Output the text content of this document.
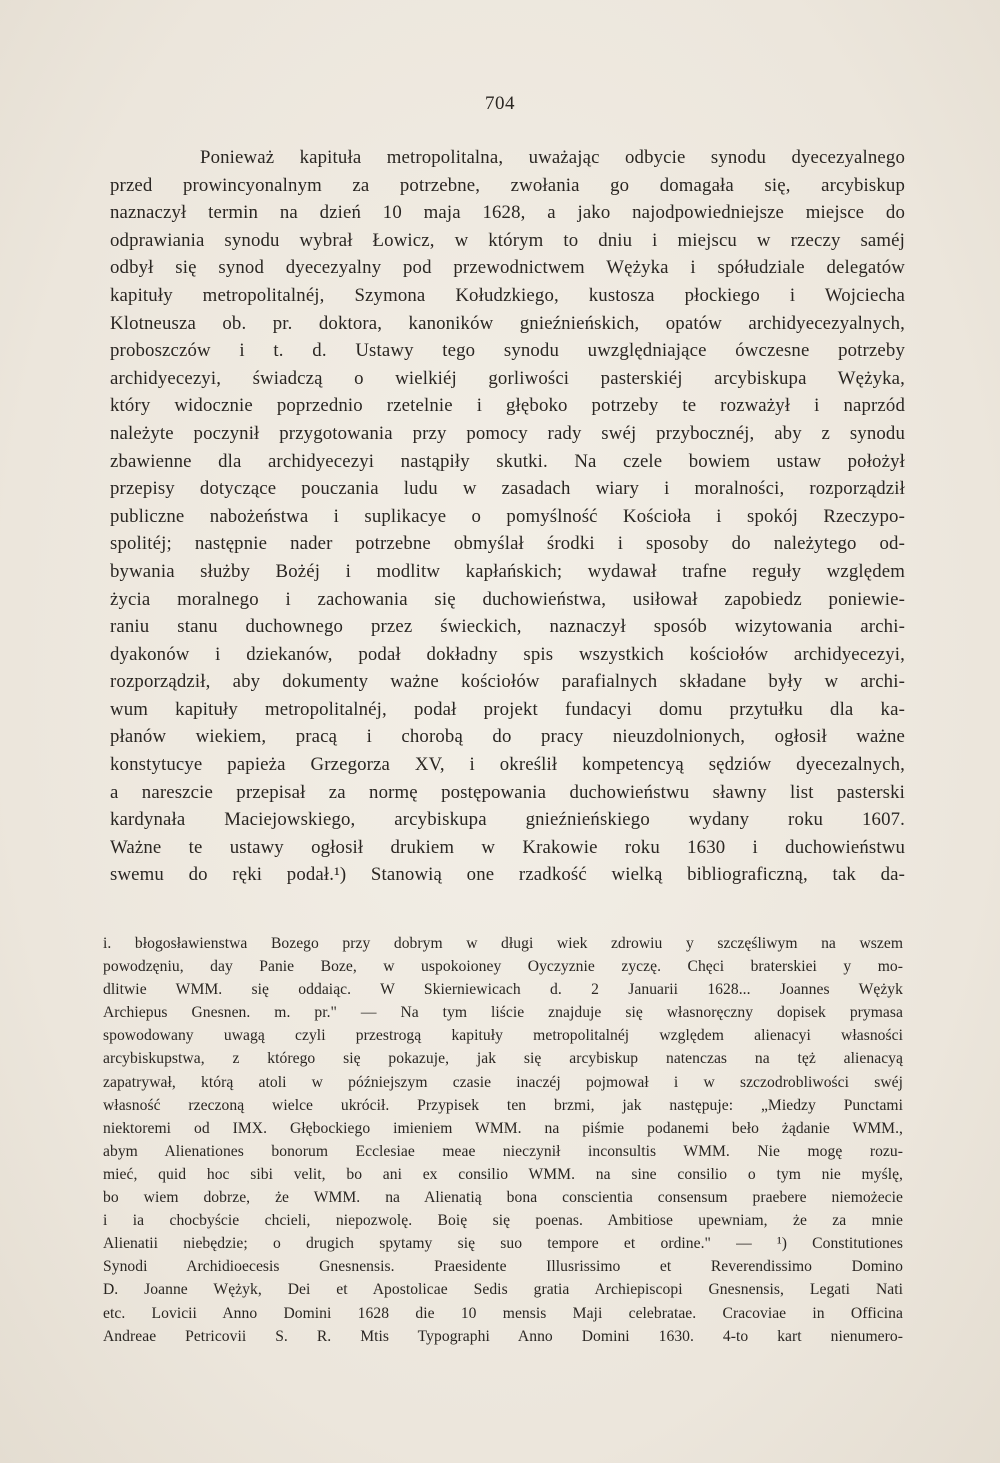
704
Ponieważ kapituła metropolitalna, uważając odbycie synodu dyecezyalnego
przed prowincyonalnym za potrzebne, zwołania go domagała się, arcybiskup
naznaczył termin na dzień 10 maja 1628, a jako najodpowiedniejsze miejsce do
odprawiania synodu wybrał Łowicz, w którym to dniu i miejscu w rzeczy saméj
odbył się synod dyecezyalny pod przewodnictwem Wężyka i spółudziale delegatów
kapituły metropolitalnéj, Szymona Kołudzkiego, kustosza płockiego i Wojciecha
Klotneusza ob. pr. doktora, kanoników gnieźnieńskich, opatów archidyecezyalnych,
proboszczów i t. d. Ustawy tego synodu uwzględniające ówczesne potrzeby
archidyecezyi, świadczą o wielkiéj gorliwości pasterskiéj arcybiskupa Wężyka,
który widocznie poprzednio rzetelnie i głęboko potrzeby te rozważył i naprzód
należyte poczynił przygotowania przy pomocy rady swéj przybocznéj, aby z synodu
zbawienne dla archidyecezyi nastąpiły skutki. Na czele bowiem ustaw położył
przepisy dotyczące pouczania ludu w zasadach wiary i moralności, rozporządził
publiczne nabożeństwa i suplikacye o pomyślność Kościoła i spokój Rzeczypo-
spolitéj; następnie nader potrzebne obmyślał środki i sposoby do należytego od-
bywania służby Bożéj i modlitw kapłańskich; wydawał trafne reguły względem
życia moralnego i zachowania się duchowieństwa, usiłował zapobiedz poniewie-
raniu stanu duchownego przez świeckich, naznaczył sposób wizytowania archi-
dyakonów i dziekanów, podał dokładny spis wszystkich kościołów archidyecezyi,
rozporządził, aby dokumenty ważne kościołów parafialnych składane były w archi-
wum kapituły metropolitalnéj, podał projekt fundacyi domu przytułku dla ka-
płanów wiekiem, pracą i chorobą do pracy nieuzdolnionych, ogłosił ważne
konstytucye papieża Grzegorza XV, i określił kompetencyą sędziów dyecezalnych,
a nareszcie przepisał za normę postępowania duchowieństwu sławny list pasterski
kardynała Maciejowskiego, arcybiskupa gnieźnieńskiego wydany roku 1607.
Ważne te ustawy ogłosił drukiem w Krakowie roku 1630 i duchowieństwu
swemu do ręki podał.¹) Stanowią one rzadkość wielką bibliograficzną, tak da-
i. błogosławienstwa Bozego przy dobrym w długi wiek zdrowiu y szczęśliwym na wszem
powodzęniu, day Panie Boze, w uspokoioney Oyczyznie zyczę. Chęci braterskiei y mo-
dlitwie WMM. się oddaiąc. W Skierniewicach d. 2 Januarii 1628... Joannes Wężyk
Archiepus Gnesnen. m. pr." — Na tym liście znajduje się własnoręczny dopisek prymasa
spowodowany uwagą czyli przestrogą kapituły metropolitalnéj względem alienacyi własności
arcybiskupstwa, z którego się pokazuje, jak się arcybiskup natenczas na tęż alienacyą
zapatrywał, którą atoli w późniejszym czasie inaczéj pojmował i w szczodrobliwości swéj
własność rzeczoną wielce ukrócił. Przypisek ten brzmi, jak następuje: „Miedzy Punctami
niektoremi od IMX. Głębockiego imieniem WMM. na piśmie podanemi beło żądanie WMM.,
abym Alienationes bonorum Ecclesiae meae nieczynił inconsultis WMM. Nie mogę rozu-
mieć, quid hoc sibi velit, bo ani ex consilio WMM. na sine consilio o tym nie myślę,
bo wiem dobrze, że WMM. na Alienatią bona conscientia consensum praebere niemożecie
i ia chocbyście chcieli, niepozwolę. Boię się poenas. Ambitiose upewniam, że za mnie
Alienatii niebędzie; o drugich spytamy się suo tempore et ordine." — ¹) Constitutiones
Synodi Archidioecesis Gnesnensis. Praesidente Illusrissimo et Reverendissimo Domino
D. Joanne Wężyk, Dei et Apostolicae Sedis gratia Archiepiscopi Gnesnensis, Legati Nati
etc. Lovicii Anno Domini 1628 die 10 mensis Maji celebratae. Cracoviae in Officina
Andreae Petricovii S. R. Mtis Typographi Anno Domini 1630. 4-to kart nienumero-
